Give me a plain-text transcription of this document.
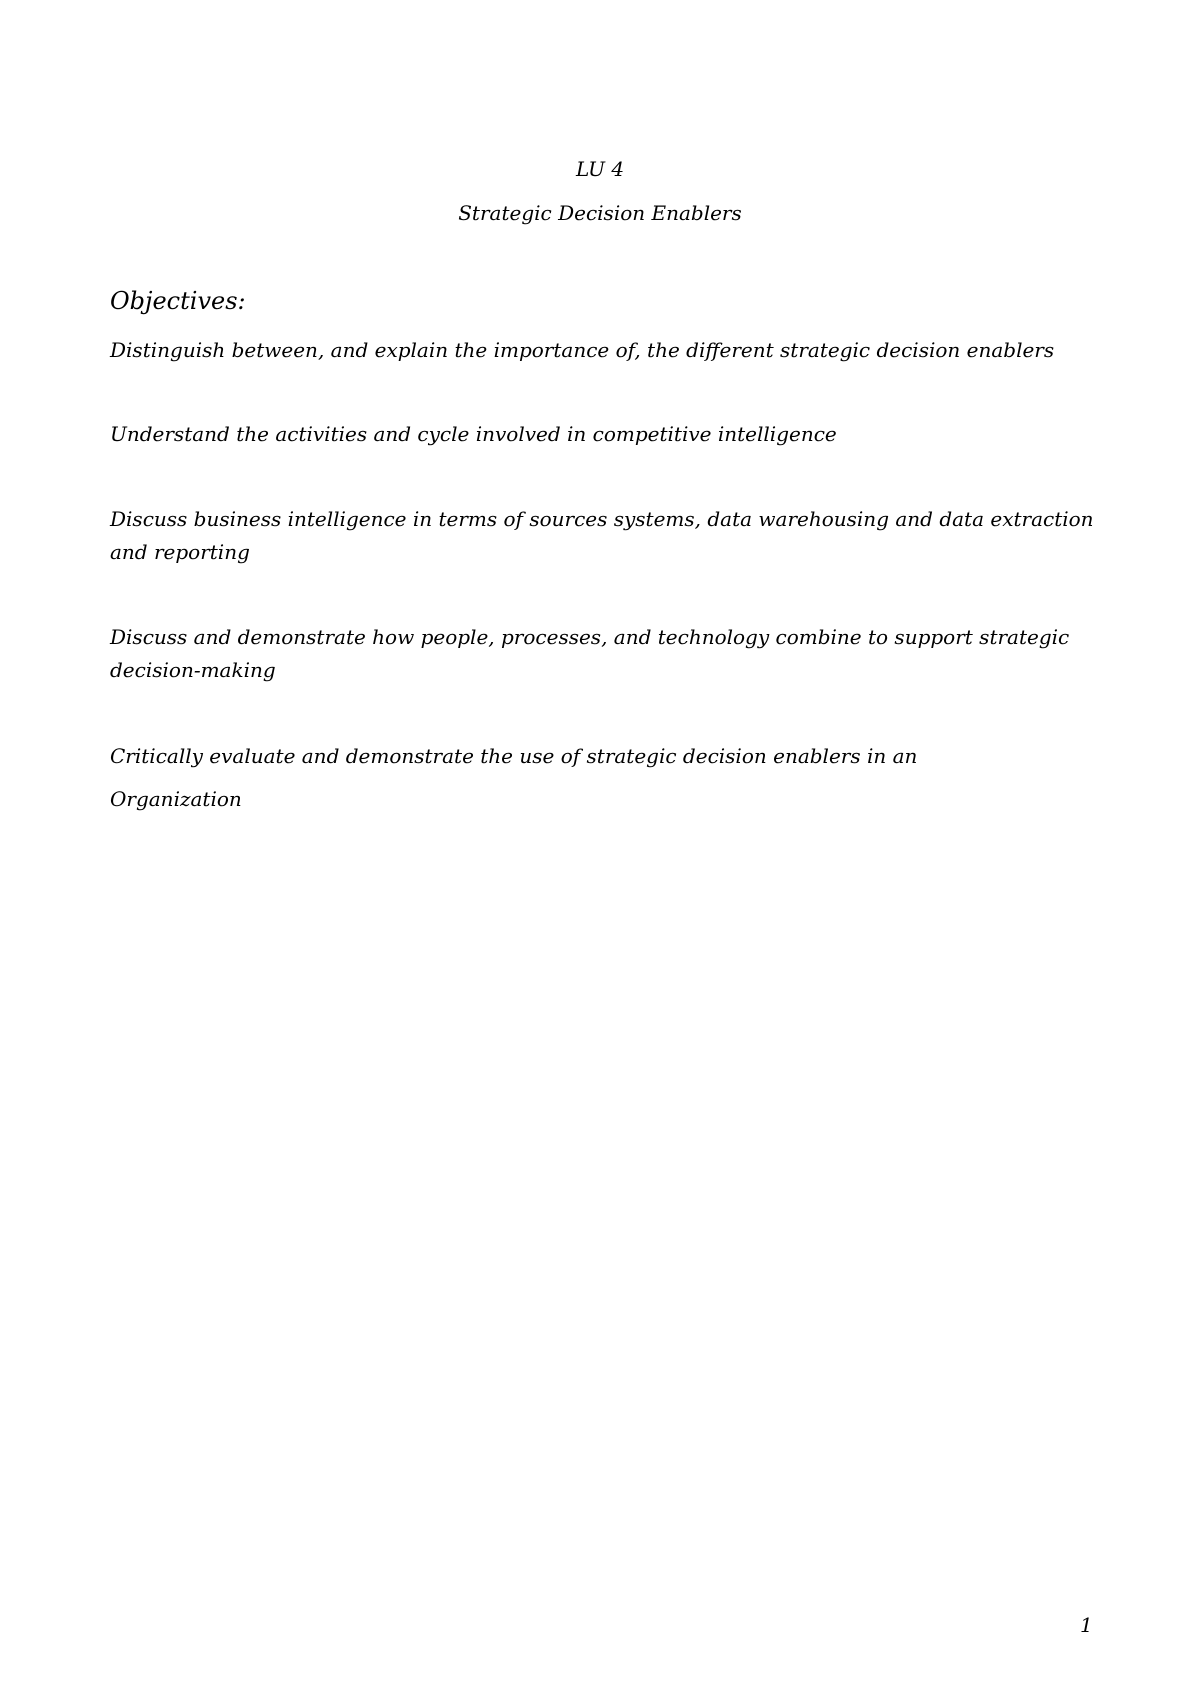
LU 4
Strategic Decision Enablers
Objectives:
Distinguish between, and explain the importance of, the different strategic decision enablers
Understand the activities and cycle involved in competitive intelligence
Discuss business intelligence in terms of sources systems, data warehousing and data extraction and reporting
Discuss and demonstrate how people, processes, and technology combine to support strategic decision-making
Critically evaluate and demonstrate the use of strategic decision enablers in an
Organization
1
